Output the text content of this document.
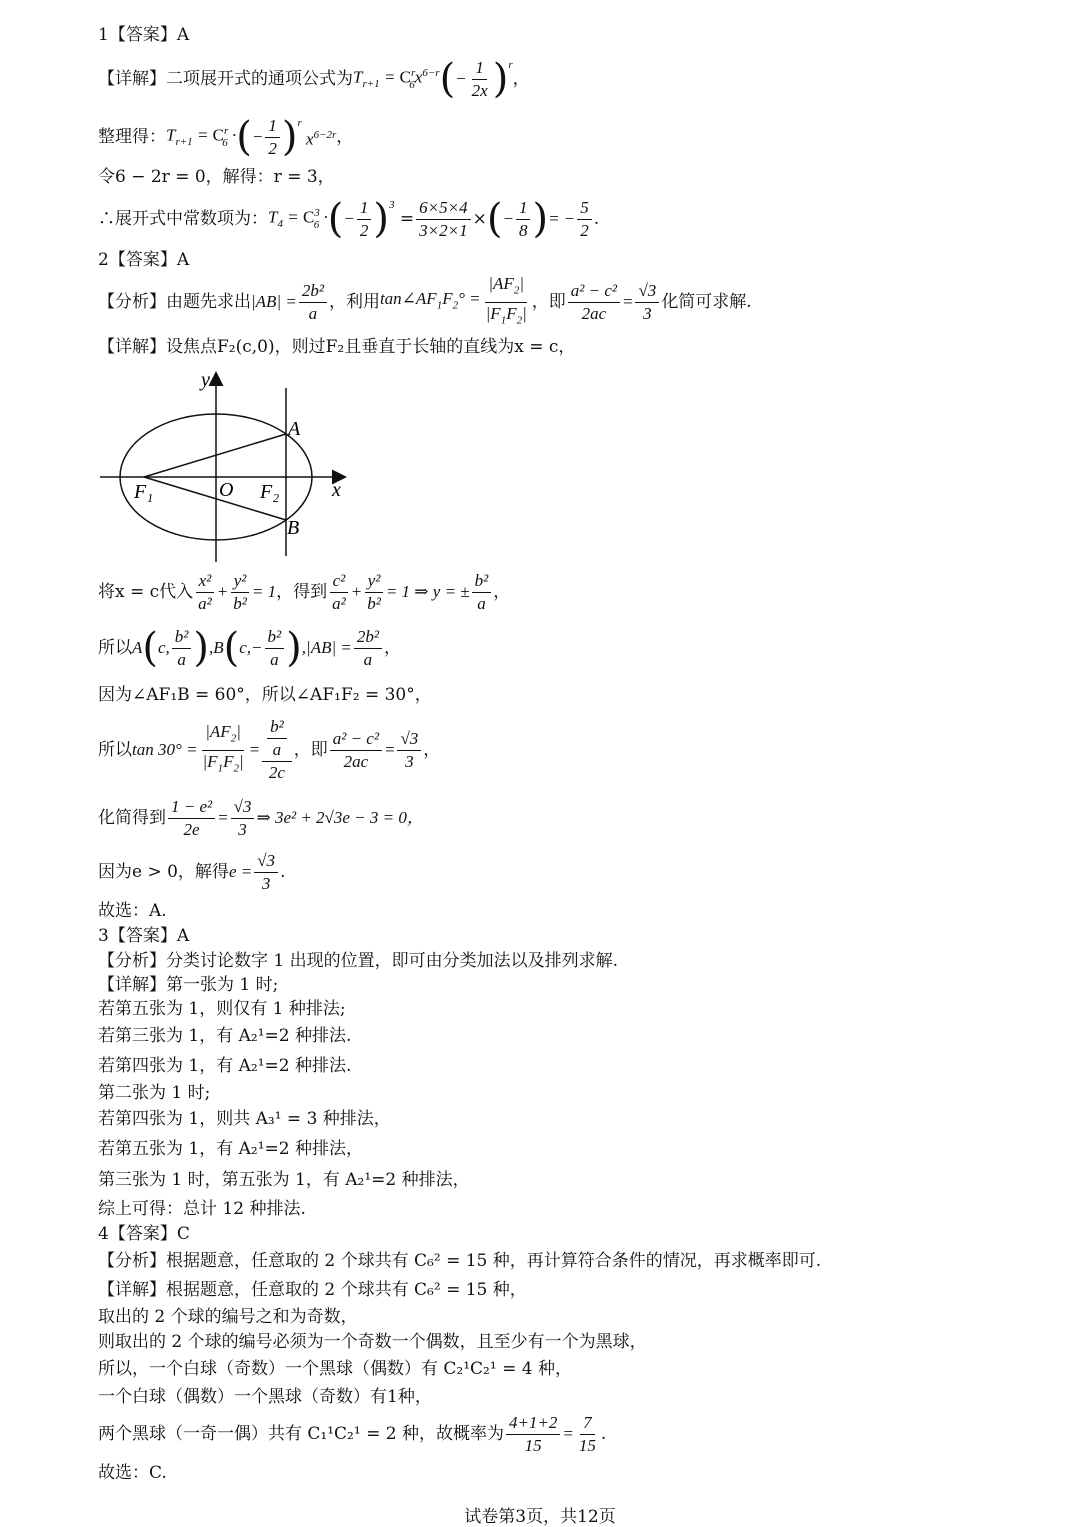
1【答案】A
【详解】二项展开式的通项公式为 $T_{r+1} = C^r_6x^{6-r}$ ( − $\frac{1}{2x} )^r$
，
整理得： $T_{r+1} = C^r_6$ · ( − $\frac{1}{2} )^r$
$x^{6-2r}$ ，
令6 − 2r = 0，解得：r = 3，
∴展开式中常数项为： $T_4 = C^3_6$ · ( − $\frac{1}{2} )^3$
= $\frac{6\times 5\times 4}{3\times 2\times 1}$ × ( − $\frac{1}{8}$ ) = − $\frac{5}{2}$ .
2【答案】A
【分析】由题先求出 $|AB| = \frac{\text{2b²}}{a}$ ，利用 $\tan\angle AF_1F_2^\circ = \frac{|AF_2|}{|F_1F_2|}$ ，即 $\frac{\text{a² − c²}}{2ac} = \frac{√3}{3}$ 化简可求解.
【详解】设焦点F₂(c,0)，则过F₂且垂直于长轴的直线为x = c，
y
A
F₁	O F₂	x
B
将x = c代入 $\frac{\text{x²}}{\text{a²}} + \frac{\text{y²}}{\text{b²}} = 1$ ，得到 $\frac{\text{c²}}{\text{a²}} + \frac{\text{y²}}{\text{b²}} = 1$ ⇒ y = ± $\frac{\text{b²}}{a}$ ，
所以 A ( c, $\frac{\text{b²}}{a}$ ) ,B ( $c,- \frac{\text{b²}}{a}$ ) $,|AB| = \frac{\text{2b²}}{a}$ ，
因为∠AF₁B = 60°，所以∠AF₁F₂ = 30°，
所以 $\tan 30^\circ = \frac{|AF_2|}{|F_1F_2|} = \frac{\frac{\text{b²}}{a}}{2c}$ ，即 $\frac{\text{a² − c²}}{2ac} = \frac{√3}{3}$ ，
化简得到 $\frac{\text{1 − e²}}{2e} = \frac{√3}{3}$ ⇒ 3e² + 2√3e − 3 = 0，
因为e > 0，解得 $e = \frac{√3}{3}$ .
故选：A.
3【答案】A
【分析】分类讨论数字 1 出现的位置，即可由分类加法以及排列求解.
【详解】第一张为 1 时;
若第五张为 1，则仅有 1 种排法;
若第三张为 1，有 A₂¹=2 种排法.
若第四张为 1，有 A₂¹=2 种排法.
第二张为 1 时;
若第四张为 1，则共 A₃¹ = 3 种排法，
若第五张为 1，有 A₂¹=2 种排法，
第三张为 1 时，第五张为 1，有 A₂¹=2 种排法，
综上可得：总计 12 种排法.
4【答案】C
【分析】根据题意，任意取的 2 个球共有 C₆² = 15 种，再计算符合条件的情况，再求概率即可.
【详解】根据题意，任意取的 2 个球共有 C₆² = 15 种，
取出的 2 个球的编号之和为奇数，
则取出的 2 个球的编号必须为一个奇数一个偶数，且至少有一个为黑球，
所以，一个白球（奇数）一个黑球（偶数）有 C₂¹C₂¹ = 4 种，
一个白球（偶数）一个黑球（奇数）有1种，
两个黑球（一奇一偶）共有 C₁¹C₂¹ = 2 种，故概率为 $\frac{4+1+2}{15} = \frac{7}{15}$ .
故选：C.
试卷第3页，共12页
